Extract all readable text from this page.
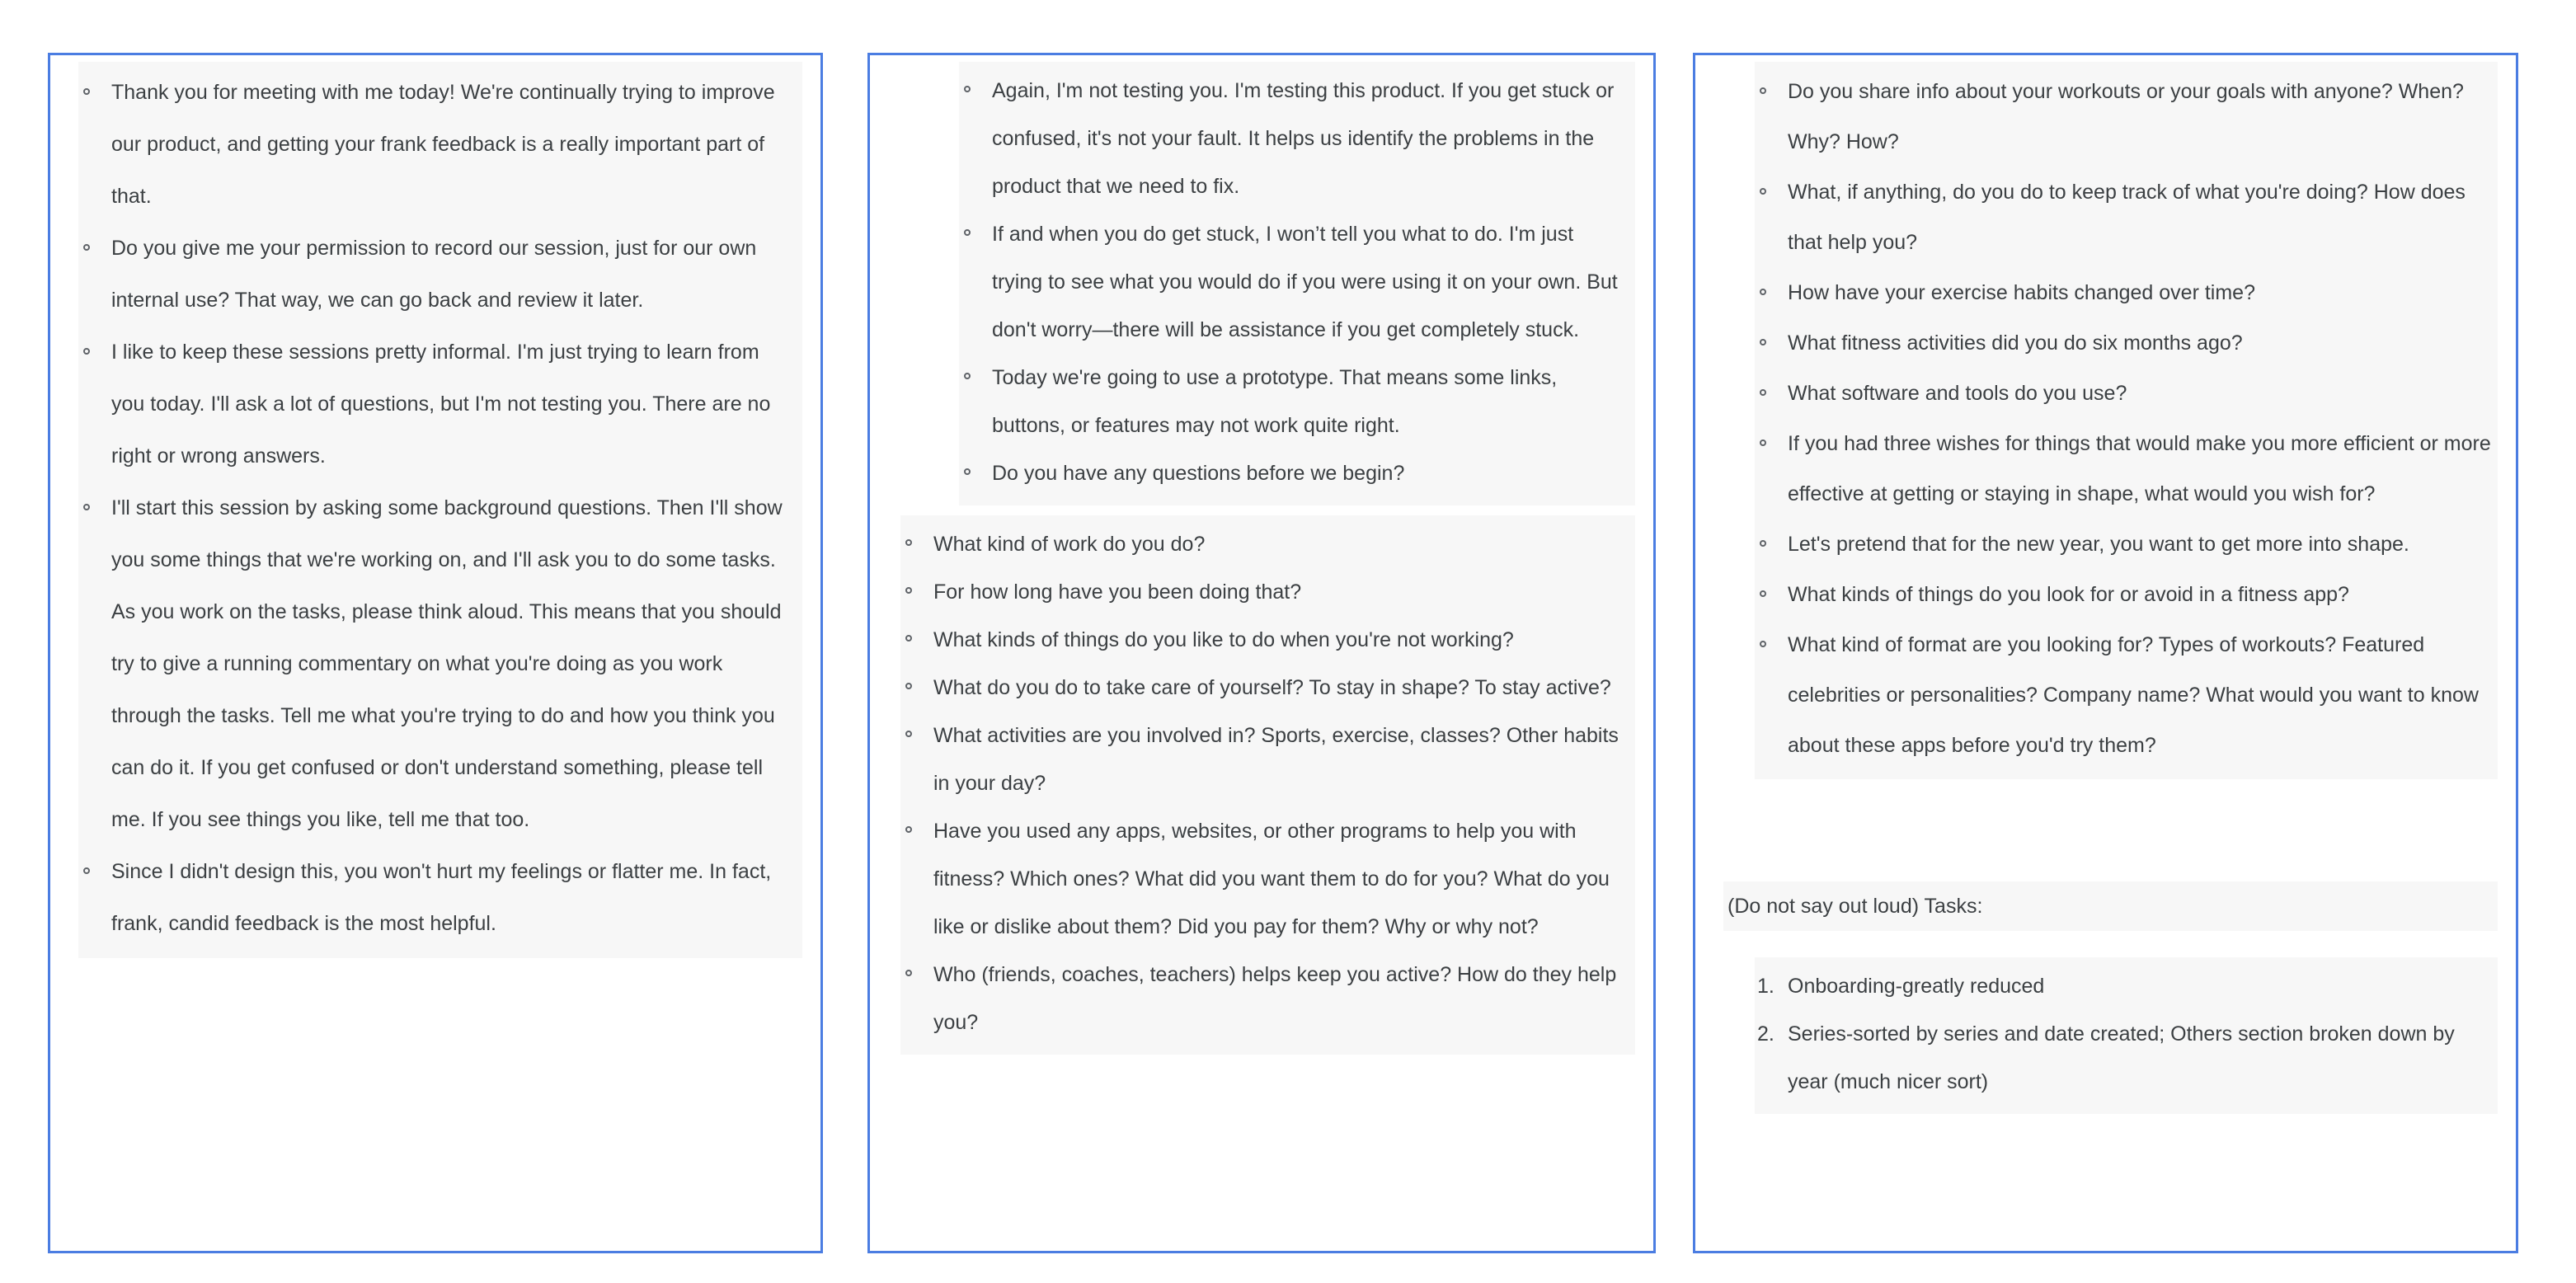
Thank you for meeting with me today! We're continually trying to improve our product, and getting your frank feedback is a really important part of that.
Do you give me your permission to record our session, just for our own internal use? That way, we can go back and review it later.
I like to keep these sessions pretty informal. I'm just trying to learn from you today. I'll ask a lot of questions, but I'm not testing you. There are no right or wrong answers.
I'll start this session by asking some background questions. Then I'll show you some things that we're working on, and I'll ask you to do some tasks. As you work on the tasks, please think aloud. This means that you should try to give a running commentary on what you're doing as you work through the tasks. Tell me what you're trying to do and how you think you can do it. If you get confused or don't understand something, please tell me. If you see things you like, tell me that too.
Since I didn't design this, you won't hurt my feelings or flatter me. In fact, frank, candid feedback is the most helpful.
Again, I'm not testing you. I'm testing this product. If you get stuck or confused, it's not your fault. It helps us identify the problems in the product that we need to fix.
If and when you do get stuck, I won’t tell you what to do. I'm just trying to see what you would do if you were using it on your own. But don't worry—there will be assistance if you get completely stuck.
Today we're going to use a prototype. That means some links, buttons, or features may not work quite right.
Do you have any questions before we begin?
What kind of work do you do?
For how long have you been doing that?
What kinds of things do you like to do when you're not working?
What do you do to take care of yourself? To stay in shape? To stay active?
What activities are you involved in? Sports, exercise, classes? Other habits in your day?
Have you used any apps, websites, or other programs to help you with fitness? Which ones? What did you want them to do for you? What do you like or dislike about them? Did you pay for them? Why or why not?
Who (friends, coaches, teachers) helps keep you active? How do they help you?
Do you share info about your workouts or your goals with anyone? When? Why? How?
What, if anything, do you do to keep track of what you're doing? How does that help you?
How have your exercise habits changed over time?
What fitness activities did you do six months ago?
What software and tools do you use?
If you had three wishes for things that would make you more efficient or more effective at getting or staying in shape, what would you wish for?
Let's pretend that for the new year, you want to get more into shape.
What kinds of things do you look for or avoid in a fitness app?
What kind of format are you looking for? Types of workouts? Featured celebrities or personalities? Company name? What would you want to know about these apps before you'd try them?
(Do not say out loud) Tasks:
1. Onboarding-greatly reduced
2. Series-sorted by series and date created; Others section broken down by year (much nicer sort)
